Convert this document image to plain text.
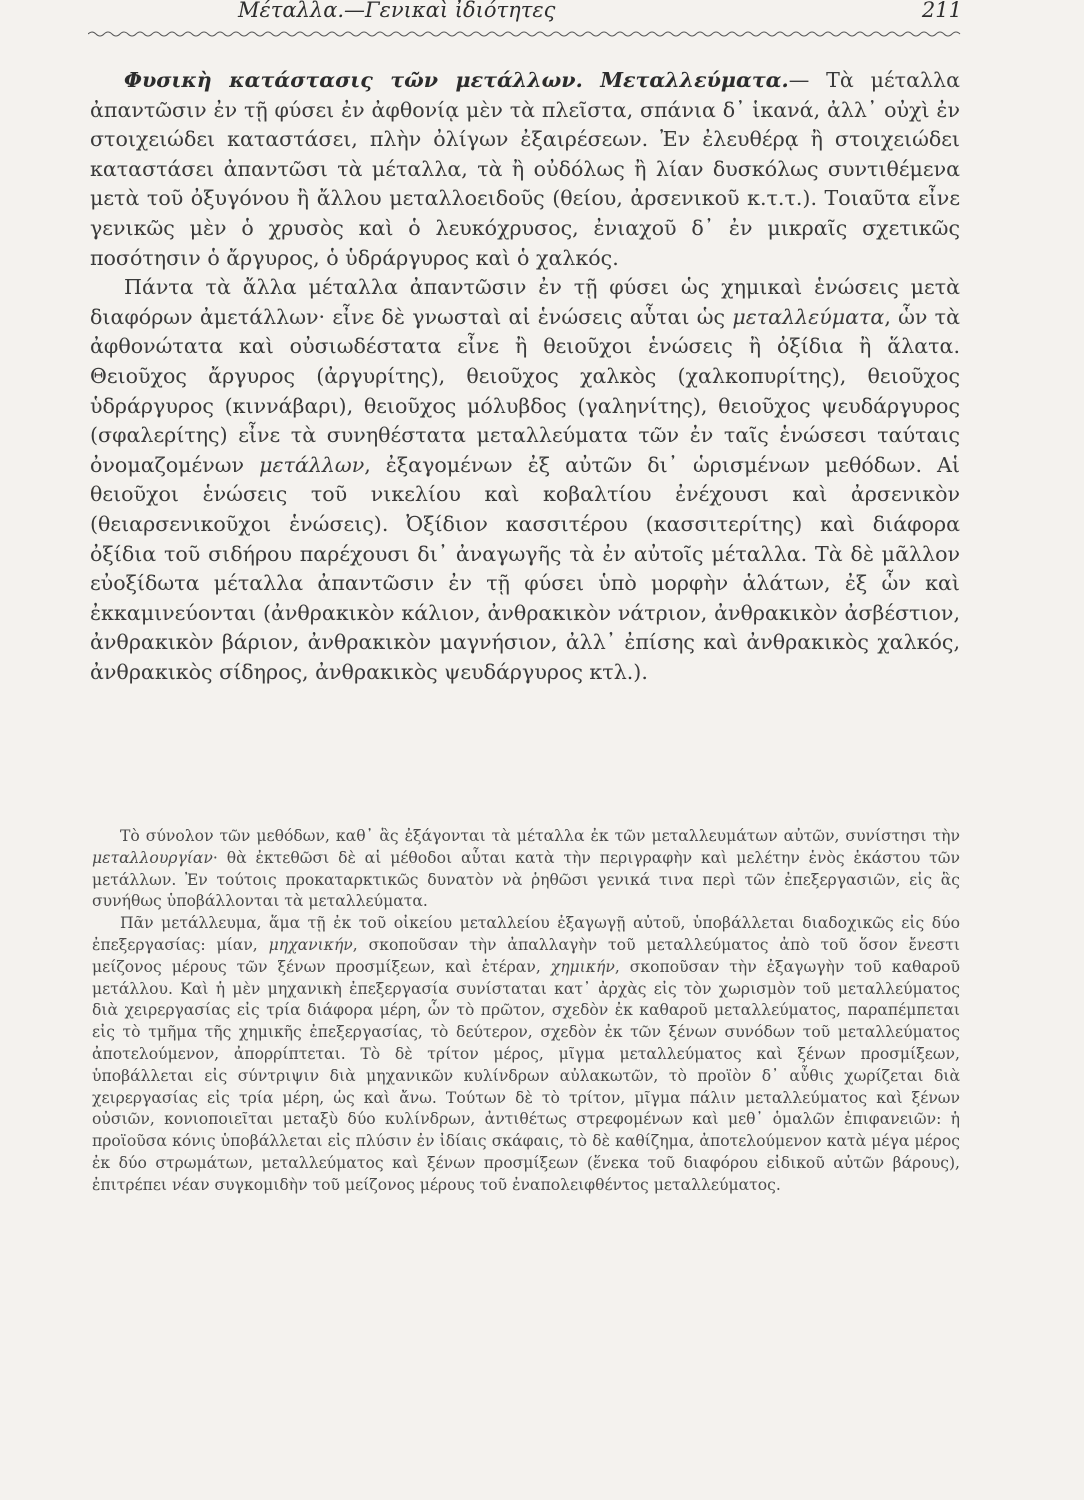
Μέταλλα.—Γενικαὶ ἰδιότητες	211

Φυσικὴ κατάστασις τῶν μετάλλων. Μεταλλεύματα.— Τὰ μέταλλα ἀπαντῶσιν ἐν τῇ φύσει ἐν ἀφθονίᾳ μὲν τὰ πλεῖστα, σπάνια δ᾽ ἱκανά, ἀλλ᾽ οὐχὶ ἐν στοιχειώδει καταστάσει, πλὴν ὀλίγων ἐξαιρέσεων. Ἐν ἐλευθέρᾳ ἢ στοιχειώδει καταστάσει ἀπαντῶσι τὰ μέταλλα, τὰ ἢ οὐδόλως ἢ λίαν δυσκόλως συντιθέμενα μετὰ τοῦ ὀξυγόνου ἢ ἄλλου μεταλλοειδοῦς (θείου, ἀρσενικοῦ κ.τ.τ.). Τοιαῦτα εἶνε γενικῶς μὲν ὁ χρυσὸς καὶ ὁ λευκόχρυσος, ἐνιαχοῦ δ᾽ ἐν μικραῖς σχετικῶς ποσότησιν ὁ ἄργυρος, ὁ ὑδράργυρος καὶ ὁ χαλκός.

Πάντα τὰ ἄλλα μέταλλα ἀπαντῶσιν ἐν τῇ φύσει ὡς χημικαὶ ἑνώσεις μετὰ διαφόρων ἀμετάλλων· εἶνε δὲ γνωσταὶ αἱ ἑνώσεις αὗται ὡς μεταλλεύματα, ὧν τὰ ἀφθονώτατα καὶ οὐσιωδέστατα εἶνε ἢ θειοῦχοι ἑνώσεις ἢ ὀξίδια ἢ ἅλατα. Θειοῦχος ἄργυρος (ἀργυρίτης), θειοῦχος χαλκὸς (χαλκοπυρίτης), θειοῦχος ὑδράργυρος (κιννάβαρι), θειοῦχος μόλυβδος (γαληνίτης), θειοῦχος ψευδάργυρος (σφαλερίτης) εἶνε τὰ συνηθέστατα μεταλλεύματα τῶν ἐν ταῖς ἑνώσεσι ταύταις ὀνομαζομένων μετάλλων, ἐξαγομένων ἐξ αὐτῶν δι᾽ ὡρισμένων μεθόδων. Αἱ θειοῦχοι ἑνώσεις τοῦ νικελίου καὶ κοβαλτίου ἐνέχουσι καὶ ἀρσενικὸν (θειαρσενικοῦχοι ἑνώσεις). Ὀξίδιον κασσιτέρου (κασσιτερίτης) καὶ διάφορα ὀξίδια τοῦ σιδήρου παρέχουσι δι᾽ ἀναγωγῆς τὰ ἐν αὐτοῖς μέταλλα. Τὰ δὲ μᾶλλον εὐοξίδωτα μέταλλα ἀπαντῶσιν ἐν τῇ φύσει ὑπὸ μορφὴν ἁλάτων, ἐξ ὧν καὶ ἐκκαμινεύονται (ἀνθρακικὸν κάλιον, ἀνθρακικὸν νάτριον, ἀνθρακικὸν ἀσβέστιον, ἀνθρακικὸν βάριον, ἀνθρακικὸν μαγνήσιον, ἀλλ᾽ ἐπίσης καὶ ἀνθρακικὸς χαλκός, ἀνθρακικὸς σίδηρος, ἀνθρακικὸς ψευδάργυρος κτλ.).

Τὸ σύνολον τῶν μεθόδων, καθ᾽ ἃς ἐξάγονται τὰ μέταλλα ἐκ τῶν μεταλλευμάτων αὐτῶν, συνίστησι τὴν μεταλλουργίαν· θὰ ἐκτεθῶσι δὲ αἱ μέθοδοι αὗται κατὰ τὴν περιγραφὴν καὶ μελέτην ἑνὸς ἑκάστου τῶν μετάλλων. Ἐν τούτοις προκαταρκτικῶς δυνατὸν νὰ ῥηθῶσι γενικά τινα περὶ τῶν ἐπεξεργασιῶν, εἰς ἃς συνήθως ὑποβάλλονται τὰ μεταλλεύματα.

Πᾶν μετάλλευμα, ἅμα τῇ ἐκ τοῦ οἰκείου μεταλλείου ἐξαγωγῇ αὐτοῦ, ὑποβάλλεται διαδοχικῶς εἰς δύο ἐπεξεργασίας: μίαν, μηχανικήν, σκοποῦσαν τὴν ἀπαλλαγὴν τοῦ μεταλλεύματος ἀπὸ τοῦ ὅσον ἔνεστι μείζονος μέρους τῶν ξένων προσμίξεων, καὶ ἑτέραν, χημικήν, σκοποῦσαν τὴν ἐξαγωγὴν τοῦ καθαροῦ μετάλλου. Καὶ ἡ μὲν μηχανικὴ ἐπεξεργασία συνίσταται κατ᾽ ἀρχὰς εἰς τὸν χωρισμὸν τοῦ μεταλλεύματος διὰ χειρεργασίας εἰς τρία διάφορα μέρη, ὧν τὸ πρῶτον, σχεδὸν ἐκ καθαροῦ μεταλλεύματος, παραπέμπεται εἰς τὸ τμῆμα τῆς χημικῆς ἐπεξεργασίας, τὸ δεύτερον, σχεδὸν ἐκ τῶν ξένων συνόδων τοῦ μεταλλεύματος ἀποτελούμενον, ἀπορρίπτεται. Τὸ δὲ τρίτον μέρος, μῖγμα μεταλλεύματος καὶ ξένων προσμίξεων, ὑποβάλλεται εἰς σύντριψιν διὰ μηχανικῶν κυλίνδρων αὐλακωτῶν, τὸ προϊὸν δ᾽ αὖθις χωρίζεται διὰ χειρεργασίας εἰς τρία μέρη, ὡς καὶ ἄνω. Τούτων δὲ τὸ τρίτον, μῖγμα πάλιν μεταλλεύματος καὶ ξένων οὐσιῶν, κονιοποιεῖται μεταξὺ δύο κυλίνδρων, ἀντιθέτως στρεφομένων καὶ μεθ᾽ ὁμαλῶν ἐπιφανειῶν: ἡ προϊοῦσα κόνις ὑποβάλλεται εἰς πλύσιν ἐν ἰδίαις σκάφαις, τὸ δὲ καθίζημα, ἀποτελούμενον κατὰ μέγα μέρος ἐκ δύο στρωμάτων, μεταλλεύματος καὶ ξένων προσμίξεων (ἕνεκα τοῦ διαφόρου εἰδικοῦ αὐτῶν βάρους), ἐπιτρέπει νέαν συγκομιδὴν τοῦ μείζονος μέρους τοῦ ἐναπολειφθέντος μεταλλεύματος.
